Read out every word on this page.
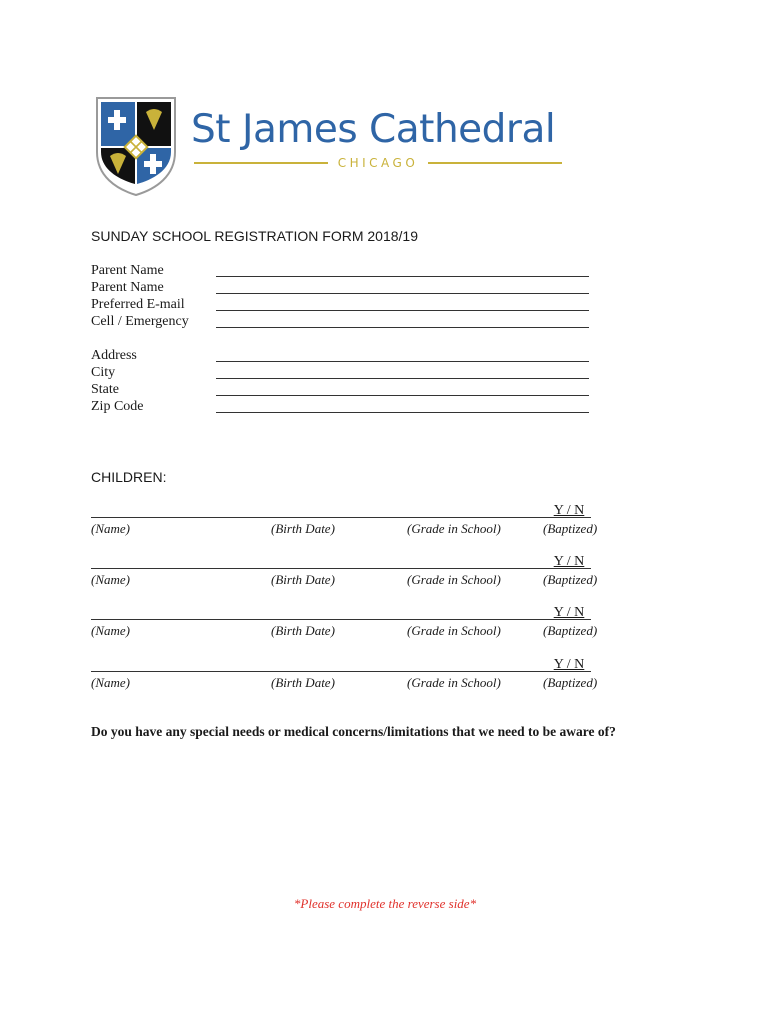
St James Cathedral
CHICAGO
SUNDAY SCHOOL REGISTRATION FORM 2018/19
Parent Name
Parent Name
Preferred E-mail
Cell / Emergency
Address
City
State
Zip Code
CHILDREN:
Y / N
(Name)	(Birth Date)	(Grade in School)	(Baptized)
Y / N
(Name)	(Birth Date)	(Grade in School)	(Baptized)
Y / N
(Name)	(Birth Date)	(Grade in School)	(Baptized)
Y / N
(Name)	(Birth Date)	(Grade in School)	(Baptized)
Do you have any special needs or medical concerns/limitations that we need to be aware of?
*Please complete the reverse side*
